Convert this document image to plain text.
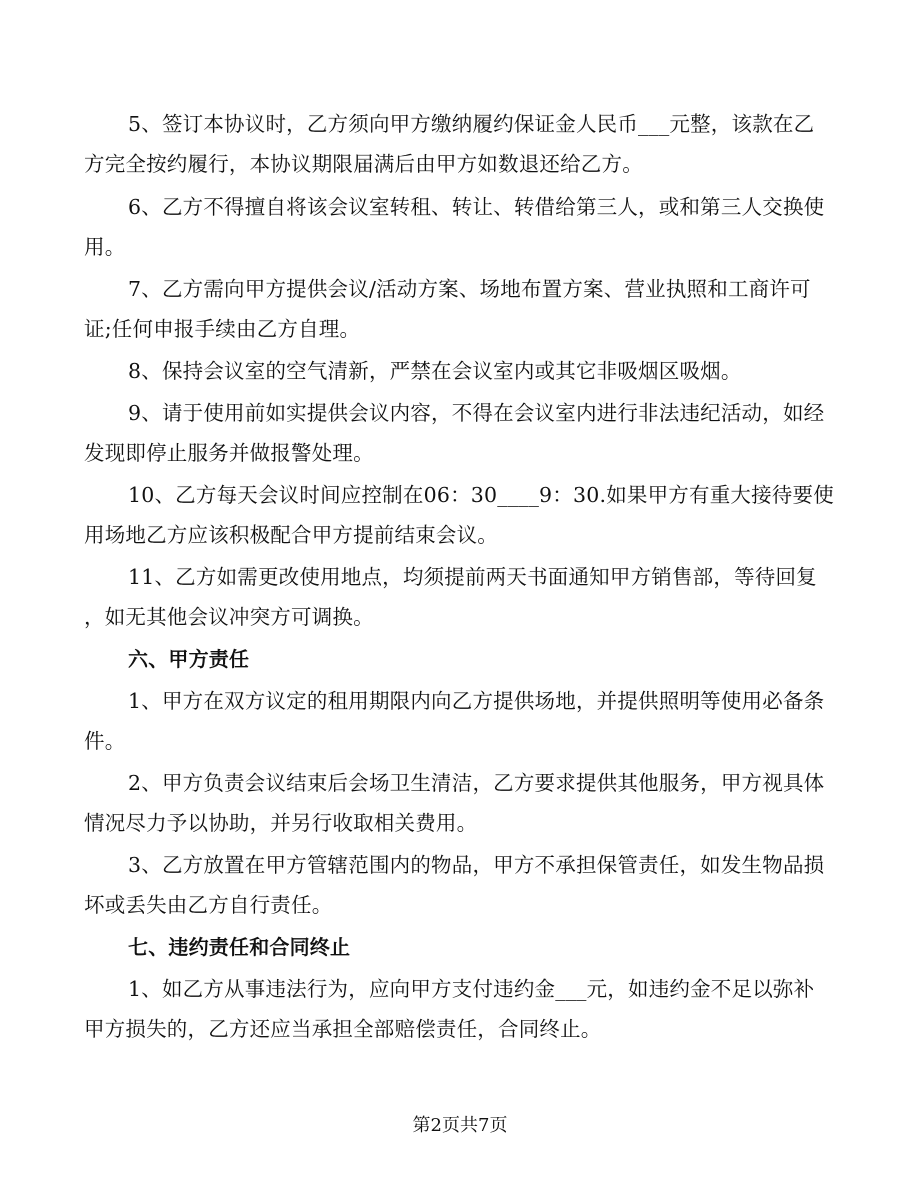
5、签订本协议时，乙方须向甲方缴纳履约保证金人民币___元整，该款在乙
方完全按约履行，本协议期限届满后由甲方如数退还给乙方。
6、乙方不得擅自将该会议室转租、转让、转借给第三人，或和第三人交换使
用。
7、乙方需向甲方提供会议/活动方案、场地布置方案、营业执照和工商许可
证;任何申报手续由乙方自理。
8、保持会议室的空气清新，严禁在会议室内或其它非吸烟区吸烟。
9、请于使用前如实提供会议内容，不得在会议室内进行非法违纪活动，如经
发现即停止服务并做报警处理。
10、乙方每天会议时间应控制在06：30____9：30.如果甲方有重大接待要使
用场地乙方应该积极配合甲方提前结束会议。
11、乙方如需更改使用地点，均须提前两天书面通知甲方销售部，等待回复
，如无其他会议冲突方可调换。
六、甲方责任
1、甲方在双方议定的租用期限内向乙方提供场地，并提供照明等使用必备条
件。
2、甲方负责会议结束后会场卫生清洁，乙方要求提供其他服务，甲方视具体
情况尽力予以协助，并另行收取相关费用。
3、乙方放置在甲方管辖范围内的物品，甲方不承担保管责任，如发生物品损
坏或丢失由乙方自行责任。
七、违约责任和合同终止
1、如乙方从事违法行为，应向甲方支付违约金___元，如违约金不足以弥补
甲方损失的，乙方还应当承担全部赔偿责任，合同终止。
第2页共7页
